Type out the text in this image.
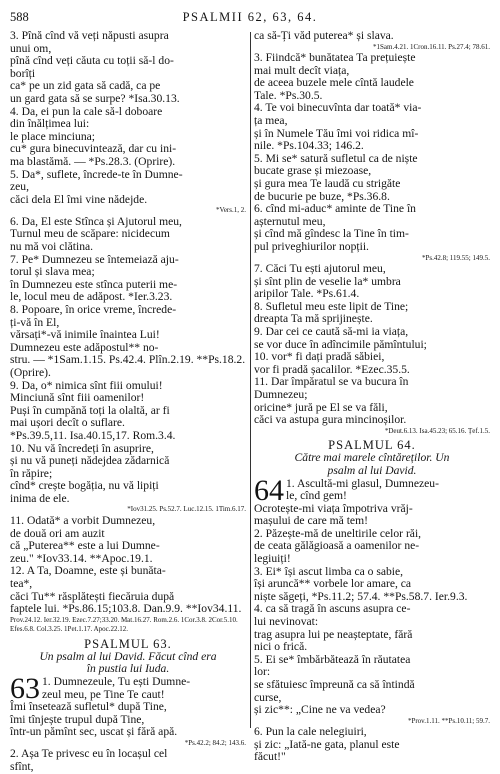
588	PSALMII 62, 63, 64.
3. Pînă cînd vă veți năpusti asupra
unui om,
pînă cînd veți căuta cu toții să-l do-
borîți
ca* pe un zid gata să cadă, ca pe
un gard gata să se surpe? *Isa.30.13.
4. Da, ei pun la cale să-l doboare
din înălțimea lui:
le place minciuna;
cu* gura binecuvintează, dar cu ini-
ma blastămă. — *Ps.28.3. (Oprire).
5. Da*, suflete, încrede-te în Dumne-
zeu,
căci dela El îmi vine nădejde.
*Vers.1, 2.
6. Da, El este Stînca și Ajutorul meu,
Turnul meu de scăpare: nicidecum
nu mă voi clătina.
7. Pe* Dumnezeu se întemeiază aju-
torul și slava mea;
în Dumnezeu este stînca puterii me-
le, locul meu de adăpost. *Ier.3.23.
8. Popoare, în orice vreme, încrede-
ți-vă în El,
vărsați*-vă inimile înaintea Lui!
Dumnezeu este adăpostul** no-
stru. — *1Sam.1.15. Ps.42.4. Plîn.2.19. **Ps.18.2.
(Oprire).
9. Da, o* nimica sînt fiii omului!
Minciună sînt fiii oamenilor!
Puși în cumpănă toți la olaltă, ar fi
mai ușori decît o suflare.
*Ps.39.5,11. Isa.40.15,17. Rom.3.4.
10. Nu vă încredeți în asuprire,
și nu vă puneți nădejdea zădarnică
în răpire;
cînd* crește bogăția, nu vă lipiți
inima de ele.
*Iov31.25. Ps.52.7. Luc.12.15. 1Tim.6.17.
11. Odată* a vorbit Dumnezeu,
de două ori am auzit
că „Puterea** este a lui Dumne-
zeu." *Iov33.14. **Apoc.19.1.
12. A Ta, Doamne, este și bunăta-
tea*,
căci Tu** răsplătești fiecăruia după
faptele lui. *Ps.86.15;103.8. Dan.9.9. **Iov34.11.
Prov.24.12. Ier.32.19. Ezec.7.27;33.20. Mat.16.27. Rom.2.6. 1Cor.3.8. 2Cor.5.10. Efes.6.8. Col.3.25. 1Pet.1.17. Apoc.22.12.
PSALMUL 63.
Un psalm al lui David. Făcut cînd era
în pustia lui Iuda.
63 1. Dumnezeule, Tu ești Dumne-
zeul meu, pe Tine Te caut!
Îmi însetează sufletul* după Tine,
îmi tînjește trupul după Tine,
într-un pămînt sec, uscat și fără apă.
*Ps.42.2; 84.2; 143.6.
2. Așa Te privesc eu în locașul cel
sfînt,
ca să-Ți văd puterea* și slava.
*1Sam.4.21. 1Cron.16.11. Ps.27.4; 78.61.
3. Fiindcă* bunătatea Ta prețuiește
mai mult decît viața,
de aceea buzele mele cîntă laudele
Tale. *Ps.30.5.
4. Te voi binecuvînta dar toată* via-
ța mea,
și în Numele Tău îmi voi ridica mî-
nile. *Ps.104.33; 146.2.
5. Mi se* satură sufletul ca de niște
bucate grase și miezoase,
și gura mea Te laudă cu strigăte
de bucurie pe buze, *Ps.36.8.
6. cînd mi-aduc* aminte de Tine în
așternutul meu,
și cînd mă gîndesc la Tine în tim-
pul priveghiurilor nopții.
*Ps.42.8; 119.55; 149.5.
7. Căci Tu ești ajutorul meu,
și sînt plin de veselie la* umbra
aripilor Tale. *Ps.61.4.
8. Sufletul meu este lipit de Tine;
dreapta Ta mă sprijinește.
9. Dar cei ce caută să-mi ia viața,
se vor duce în adîncimile pămîntului;
10. vor* fi dați pradă săbiei,
vor fi pradă șacalilor. *Ezec.35.5.
11. Dar împăratul se va bucura în
Dumnezeu;
oricine* jură pe El se va făli,
căci va astupa gura mincinoșilor.
*Deut.6.13. Isa.45.23; 65.16. Țef.1.5.
PSALMUL 64.
Către mai marele cîntăreților. Un
psalm al lui David.
64 1. Ascultă-mi glasul, Dumnezeu-
le, cînd gem!
Ocrotește-mi viața împotriva vrăj-
mașului de care mă tem!
2. Păzește-mă de uneltirile celor răi,
de ceata gălăgioasă a oamenilor ne-
legiuiți!
3. Ei* își ascut limba ca o sabie,
își aruncă** vorbele lor amare, ca
niște săgeți, *Ps.11.2; 57.4. **Ps.58.7. Ier.9.3.
4. ca să tragă în ascuns asupra ce-
lui nevinovat:
trag asupra lui pe neașteptate, fără
nici o frică.
5. Ei se* îmbărbătează în răutatea
lor:
se sfătuiesc împreună ca să întindă
curse,
și zic**: „Cine ne va vedea?
*Prov.1.11. **Ps.10.11; 59.7.
6. Pun la cale nelegiuiri,
și zic: „Iată-ne gata, planul este
făcut!"
